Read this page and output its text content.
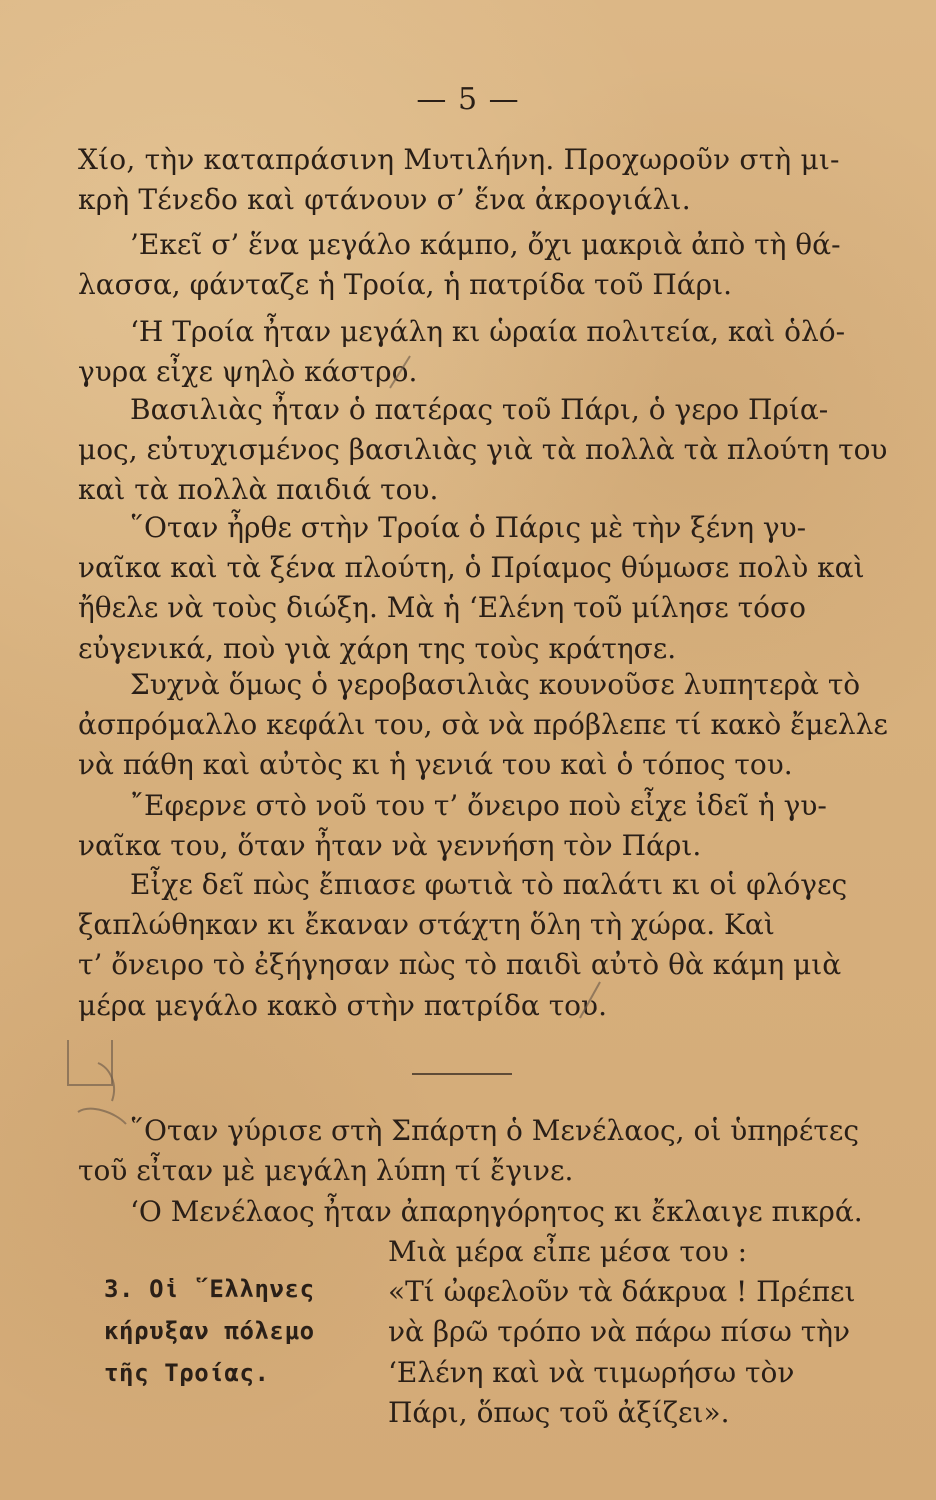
— 5 —
Χίο, τὴν καταπράσινη Μυτιλήνη. Προχωροῦν στὴ μι-
κρὴ Τένεδο καὶ φτάνουν σ’ ἕνα ἀκρογιάλι.
’Εκεῖ σ’ ἕνα μεγάλο κάμπο, ὄχι μακριὰ ἀπὸ τὴ θά-
λασσα, φάνταζε ἡ Τροία, ἡ πατρίδα τοῦ Πάρι.
‘Η Τροία ἦταν μεγάλη κι ὡραία πολιτεία, καὶ ὁλό-
γυρα εἶχε ψηλὸ κάστρο.
Βασιλιὰς ἦταν ὁ πατέρας τοῦ Πάρι, ὁ γερο Πρία-
μος, εὐτυχισμένος βασιλιὰς γιὰ τὰ πολλὰ τὰ πλούτη του
καὶ τὰ πολλὰ παιδιά του.
῞Οταν ἦρθε στὴν Τροία ὁ Πάρις μὲ τὴν ξένη γυ-
ναῖκα καὶ τὰ ξένα πλούτη, ὁ Πρίαμος θύμωσε πολὺ καὶ
ἤθελε νὰ τοὺς διώξη. Μὰ ἡ ‘Ελένη τοῦ μίλησε τόσο
εὐγενικά, ποὺ γιὰ χάρη της τοὺς κράτησε.
Συχνὰ ὅμως ὁ γεροβασιλιὰς κουνοῦσε λυπητερὰ τὸ
ἀσπρόμαλλο κεφάλι του, σὰ νὰ πρόβλεπε τί κακὸ ἔμελλε
νὰ πάθη καὶ αὐτὸς κι ἡ γενιά του καὶ ὁ τόπος του.
῎Εφερνε στὸ νοῦ του τ’ ὄνειρο ποὺ εἶχε ἰδεῖ ἡ γυ-
ναῖκα του, ὅταν ἦταν νὰ γεννήση τὸν Πάρι.
Εἶχε δεῖ πὼς ἔπιασε φωτιὰ τὸ παλάτι κι οἱ φλόγες
ξαπλώθηκαν κι ἔκαναν στάχτη ὅλη τὴ χώρα. Καὶ
τ’ ὄνειρο τὸ ἐξήγησαν πὼς τὸ παιδὶ αὐτὸ θὰ κάμη μιὰ
μέρα μεγάλο κακὸ στὴν πατρίδα του.
῞Οταν γύρισε στὴ Σπάρτη ὁ Μενέλαος, οἱ ὑπηρέτες
τοῦ εἶταν μὲ μεγάλη λύπη τί ἔγινε.
‘Ο Μενέλαος ἦταν ἀπαρηγόρητος κι ἔκλαιγε πικρά.
3. Οἱ ῞Ελληνες
κήρυξαν πόλεμο
τῆς Τροίας.
Μιὰ μέρα εἶπε μέσα του :
«Τί ὠφελοῦν τὰ δάκρυα ! Πρέπει
νὰ βρῶ τρόπο νὰ πάρω πίσω τὴν
‘Ελένη καὶ νὰ τιμωρήσω τὸν
Πάρι, ὅπως τοῦ ἀξίζει».
